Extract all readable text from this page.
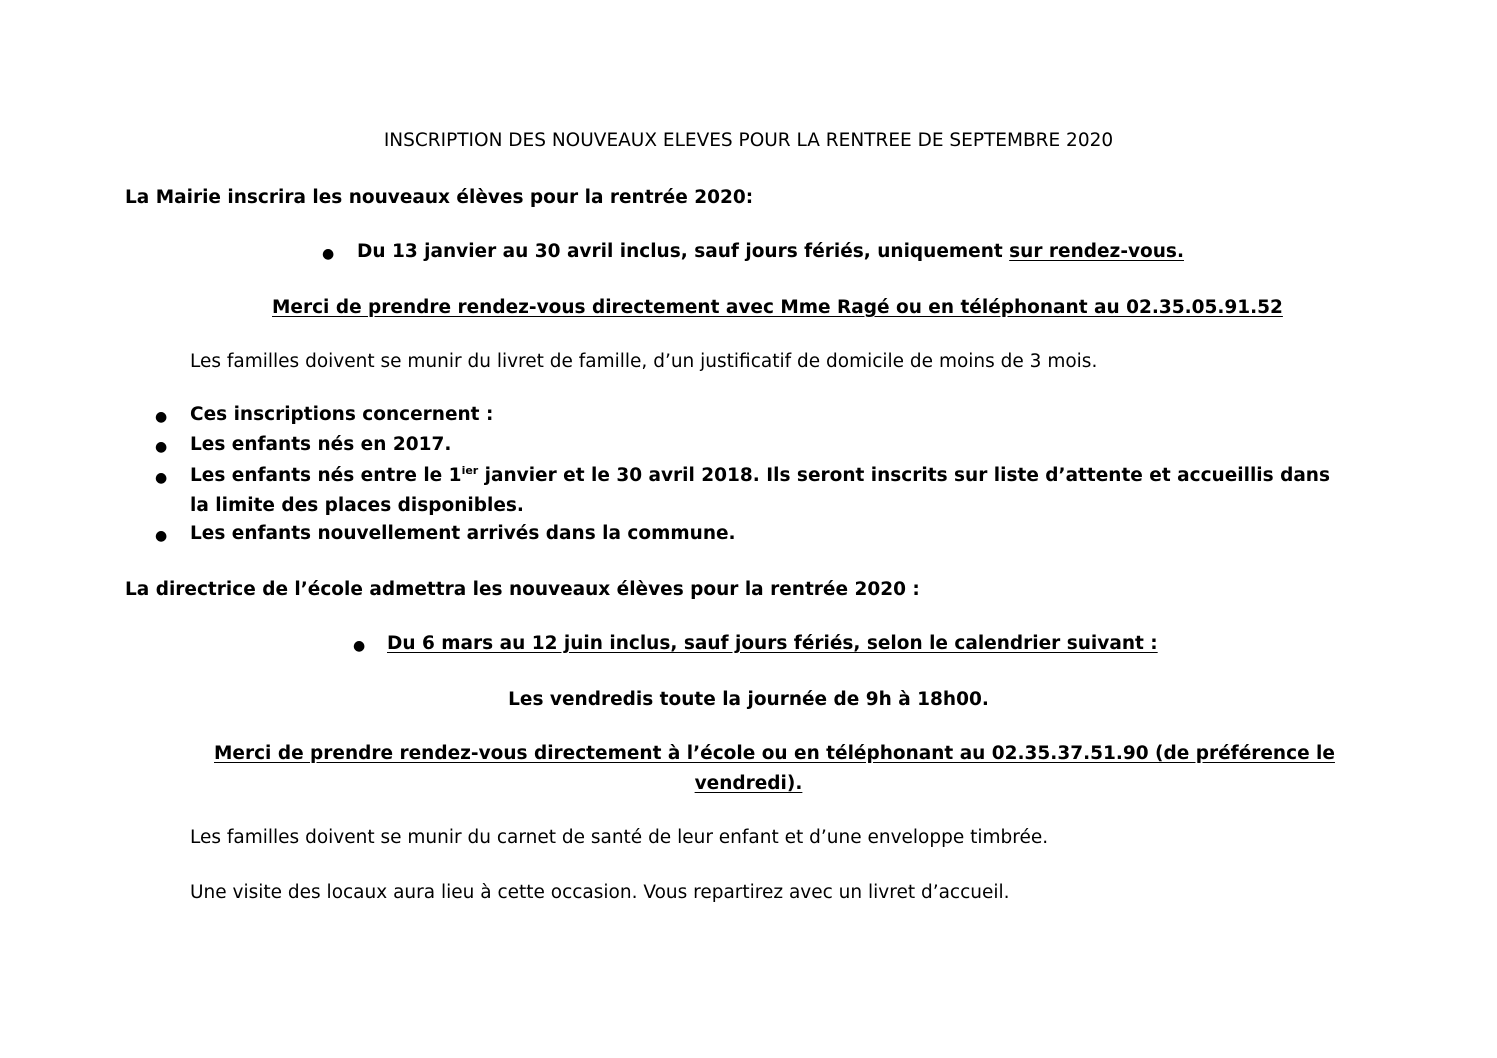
INSCRIPTION DES NOUVEAUX ELEVES POUR LA RENTREE DE SEPTEMBRE 2020
La Mairie inscrira les nouveaux élèves pour la rentrée 2020:
● Du 13 janvier au 30 avril inclus, sauf jours fériés, uniquement sur rendez-vous.
Merci de prendre rendez-vous directement avec Mme Ragé ou en téléphonant au 02.35.05.91.52
Les familles doivent se munir du livret de famille, d’un justificatif de domicile de moins de 3 mois.
● Ces inscriptions concernent :
● Les enfants nés en 2017.
● Les enfants nés entre le $1^{ier}$ janvier et le 30 avril 2018. Ils seront inscrits sur liste d’attente et accueillis dans
la limite des places disponibles.
● Les enfants nouvellement arrivés dans la commune.
La directrice de l’école admettra les nouveaux élèves pour la rentrée 2020 :
● Du 6 mars au 12 juin inclus, sauf jours fériés, selon le calendrier suivant :
Les vendredis toute la journée de 9h à 18h00.
Merci de prendre rendez-vous directement à l’école ou en téléphonant au 02.35.37.51.90 (de préférence le
vendredi).
Les familles doivent se munir du carnet de santé de leur enfant et d’une enveloppe timbrée.
Une visite des locaux aura lieu à cette occasion. Vous repartirez avec un livret d’accueil.
